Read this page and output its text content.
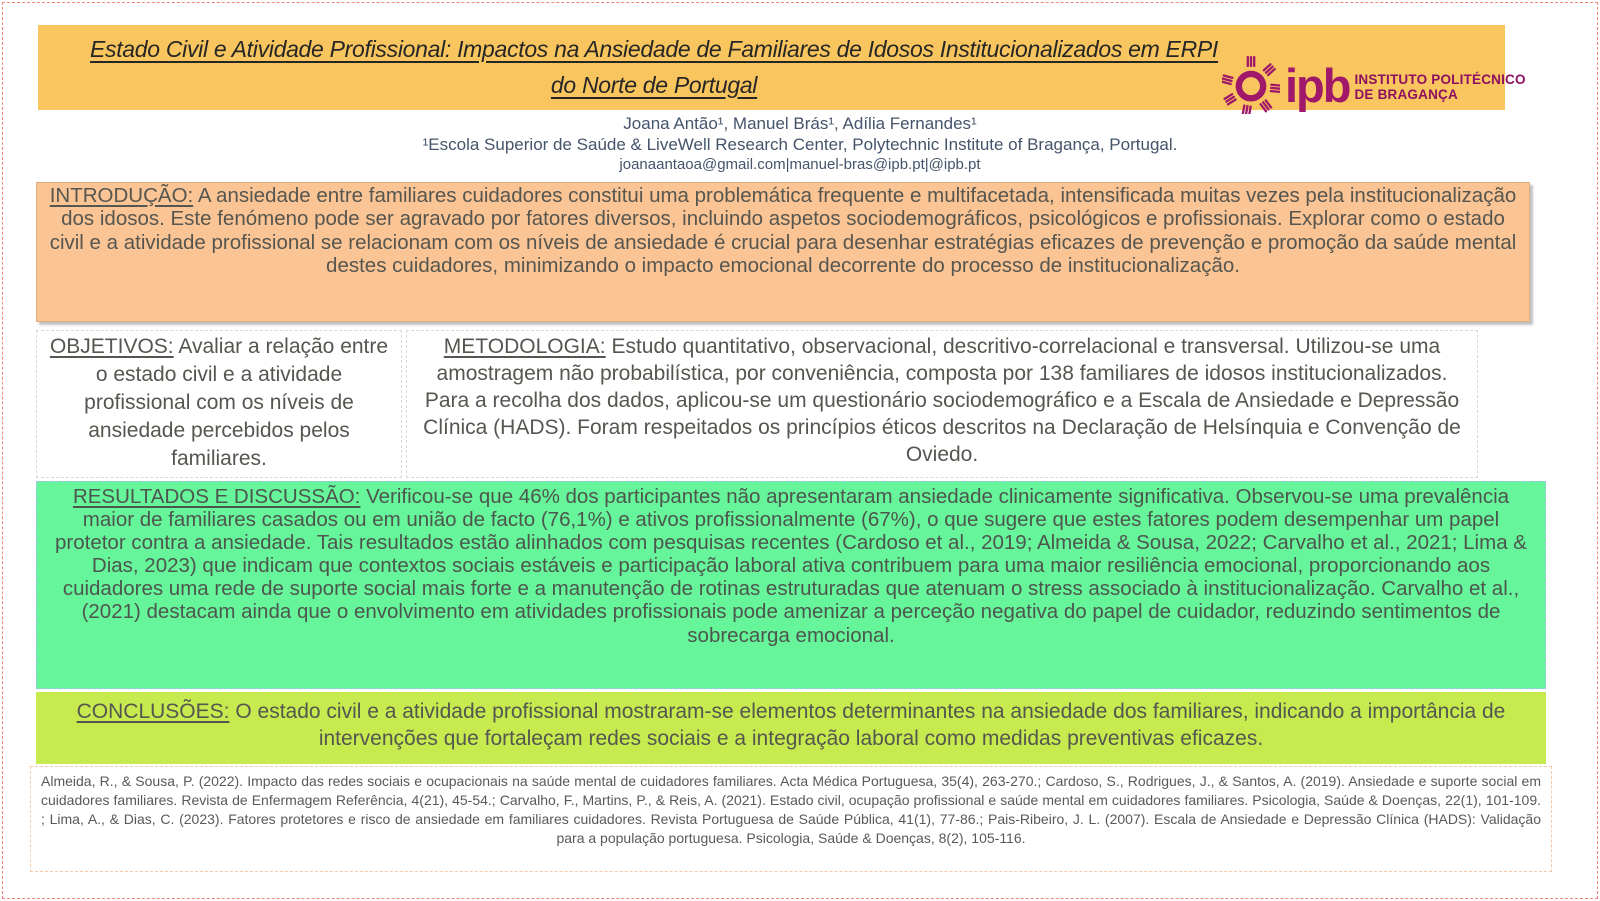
Estado Civil e Atividade Profissional: Impactos na Ansiedade de Familiares de Idosos Institucionalizados em ERPI
do Norte de Portugal	ipb INSTITUTO POLITÉCNICO
DE BRAGANÇA
Joana Antão¹, Manuel Brás¹, Adília Fernandes¹
¹Escola Superior de Saúde & LiveWell Research Center, Polytechnic Institute of Bragança, Portugal.
joanaantaoa@gmail.com|manuel-bras@ipb.pt|@ipb.pt
INTRODUÇÃO: A ansiedade entre familiares cuidadores constitui uma problemática frequente e multifacetada, intensificada muitas vezes pela institucionalização dos idosos. Este fenómeno pode ser agravado por fatores diversos, incluindo aspetos sociodemográficos, psicológicos e profissionais. Explorar como o estado civil e a atividade profissional se relacionam com os níveis de ansiedade é crucial para desenhar estratégias eficazes de prevenção e promoção da saúde mental destes cuidadores, minimizando o impacto emocional decorrente do processo de institucionalização.
OBJETIVOS: Avaliar a relação entre o estado civil e a atividade profissional com os níveis de ansiedade percebidos pelos familiares.
METODOLOGIA: Estudo quantitativo, observacional, descritivo-correlacional e transversal. Utilizou-se uma amostragem não probabilística, por conveniência, composta por 138 familiares de idosos institucionalizados. Para a recolha dos dados, aplicou-se um questionário sociodemográfico e a Escala de Ansiedade e Depressão Clínica (HADS). Foram respeitados os princípios éticos descritos na Declaração de Helsínquia e Convenção de Oviedo.
RESULTADOS E DISCUSSÃO: Verificou-se que 46% dos participantes não apresentaram ansiedade clinicamente significativa. Observou-se uma prevalência maior de familiares casados ou em união de facto (76,1%) e ativos profissionalmente (67%), o que sugere que estes fatores podem desempenhar um papel protetor contra a ansiedade. Tais resultados estão alinhados com pesquisas recentes (Cardoso et al., 2019; Almeida & Sousa, 2022; Carvalho et al., 2021; Lima & Dias, 2023) que indicam que contextos sociais estáveis e participação laboral ativa contribuem para uma maior resiliência emocional, proporcionando aos cuidadores uma rede de suporte social mais forte e a manutenção de rotinas estruturadas que atenuam o stress associado à institucionalização. Carvalho et al., (2021) destacam ainda que o envolvimento em atividades profissionais pode amenizar a perceção negativa do papel de cuidador, reduzindo sentimentos de sobrecarga emocional.
CONCLUSÕES: O estado civil e a atividade profissional mostraram-se elementos determinantes na ansiedade dos familiares, indicando a importância de intervenções que fortaleçam redes sociais e a integração laboral como medidas preventivas eficazes.
Almeida, R., & Sousa, P. (2022). Impacto das redes sociais e ocupacionais na saúde mental de cuidadores familiares. Acta Médica Portuguesa, 35(4), 263-270.; Cardoso, S., Rodrigues, J., & Santos, A. (2019). Ansiedade e suporte social em cuidadores familiares. Revista de Enfermagem Referência, 4(21), 45-54.; Carvalho, F., Martins, P., & Reis, A. (2021). Estado civil, ocupação profissional e saúde mental em cuidadores familiares. Psicologia, Saúde & Doenças, 22(1), 101-109. ; Lima, A., & Dias, C. (2023). Fatores protetores e risco de ansiedade em familiares cuidadores. Revista Portuguesa de Saúde Pública, 41(1), 77-86.; Pais-Ribeiro, J. L. (2007). Escala de Ansiedade e Depressão Clínica (HADS): Validação para a população portuguesa. Psicologia, Saúde & Doenças, 8(2), 105-116.
